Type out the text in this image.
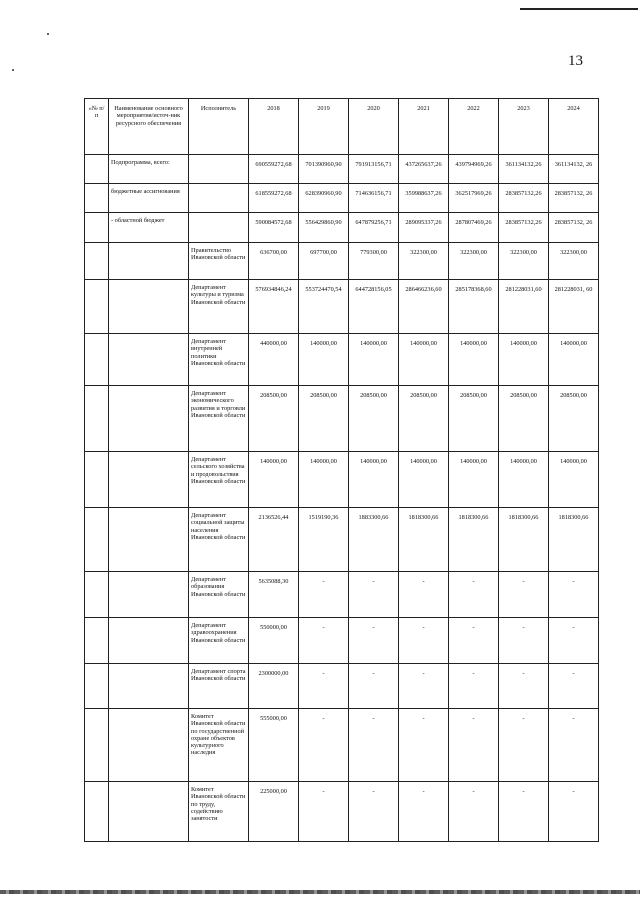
13
«№ п/п	Наименование основного мероприятия/источ-ник ресурсного обеспечения	Исполнитель	2018	2019	2020	2021	2022	2023	2024
	Подпрограмма, всего:		690559272,68	701390960,90	791913156,71	437265637,26	439794969,26	361134132,26	361134132, 26
	бюджетные ассигнования		618559272,68	628390960,90	714636156,71	359988637,26	362517969,26	283857132,26	283857132, 26
	- областной бюджет		590084572,68	556429860,90	647879256,71	289095337,26	287807469,26	283857132,26	283857132, 26
		Правительство Ивановской области	636700,00	697700,00	779300,00	322300,00	322300,00	322300,00	322300,00
		Департамент культуры и туризма Ивановской области	576934846,24	553724470,54	644728156,05	286466236,60	285178368,60	281228031,60	281228031, 60
		Департамент внутренней политики Ивановской области	440000,00	140000,00	140000,00	140000,00	140000,00	140000,00	140000,00
		Департамент экономического развития и торговли Ивановской области	208500,00	208500,00	208500,00	208500,00	208500,00	208500,00	208500,00
		Департамент сельского хозяйства и продовольствия Ивановской области	140000,00	140000,00	140000,00	140000,00	140000,00	140000,00	140000,00
		Департамент социальной защиты населения Ивановской области	2136526,44	1519190,36	1883300,66	1818300,66	1818300,66	1818300,66	1818300,66
		Департамент образования Ивановской области	5635088,30	-	-	-	-	-	-
		Департамент здравоохранения Ивановской области	550000,00	-	-	-	-	-	-
		Департамент спорта Ивановской области	2300000,00	-	-	-	-	-	-
		Комитет Ивановской области по государственной охране объектов культурного наследия	555000,00	-	-	-	-	-	-
		Комитет Ивановской области по труду, содействию занятости	225000,00	-	-	-	-	-	-
